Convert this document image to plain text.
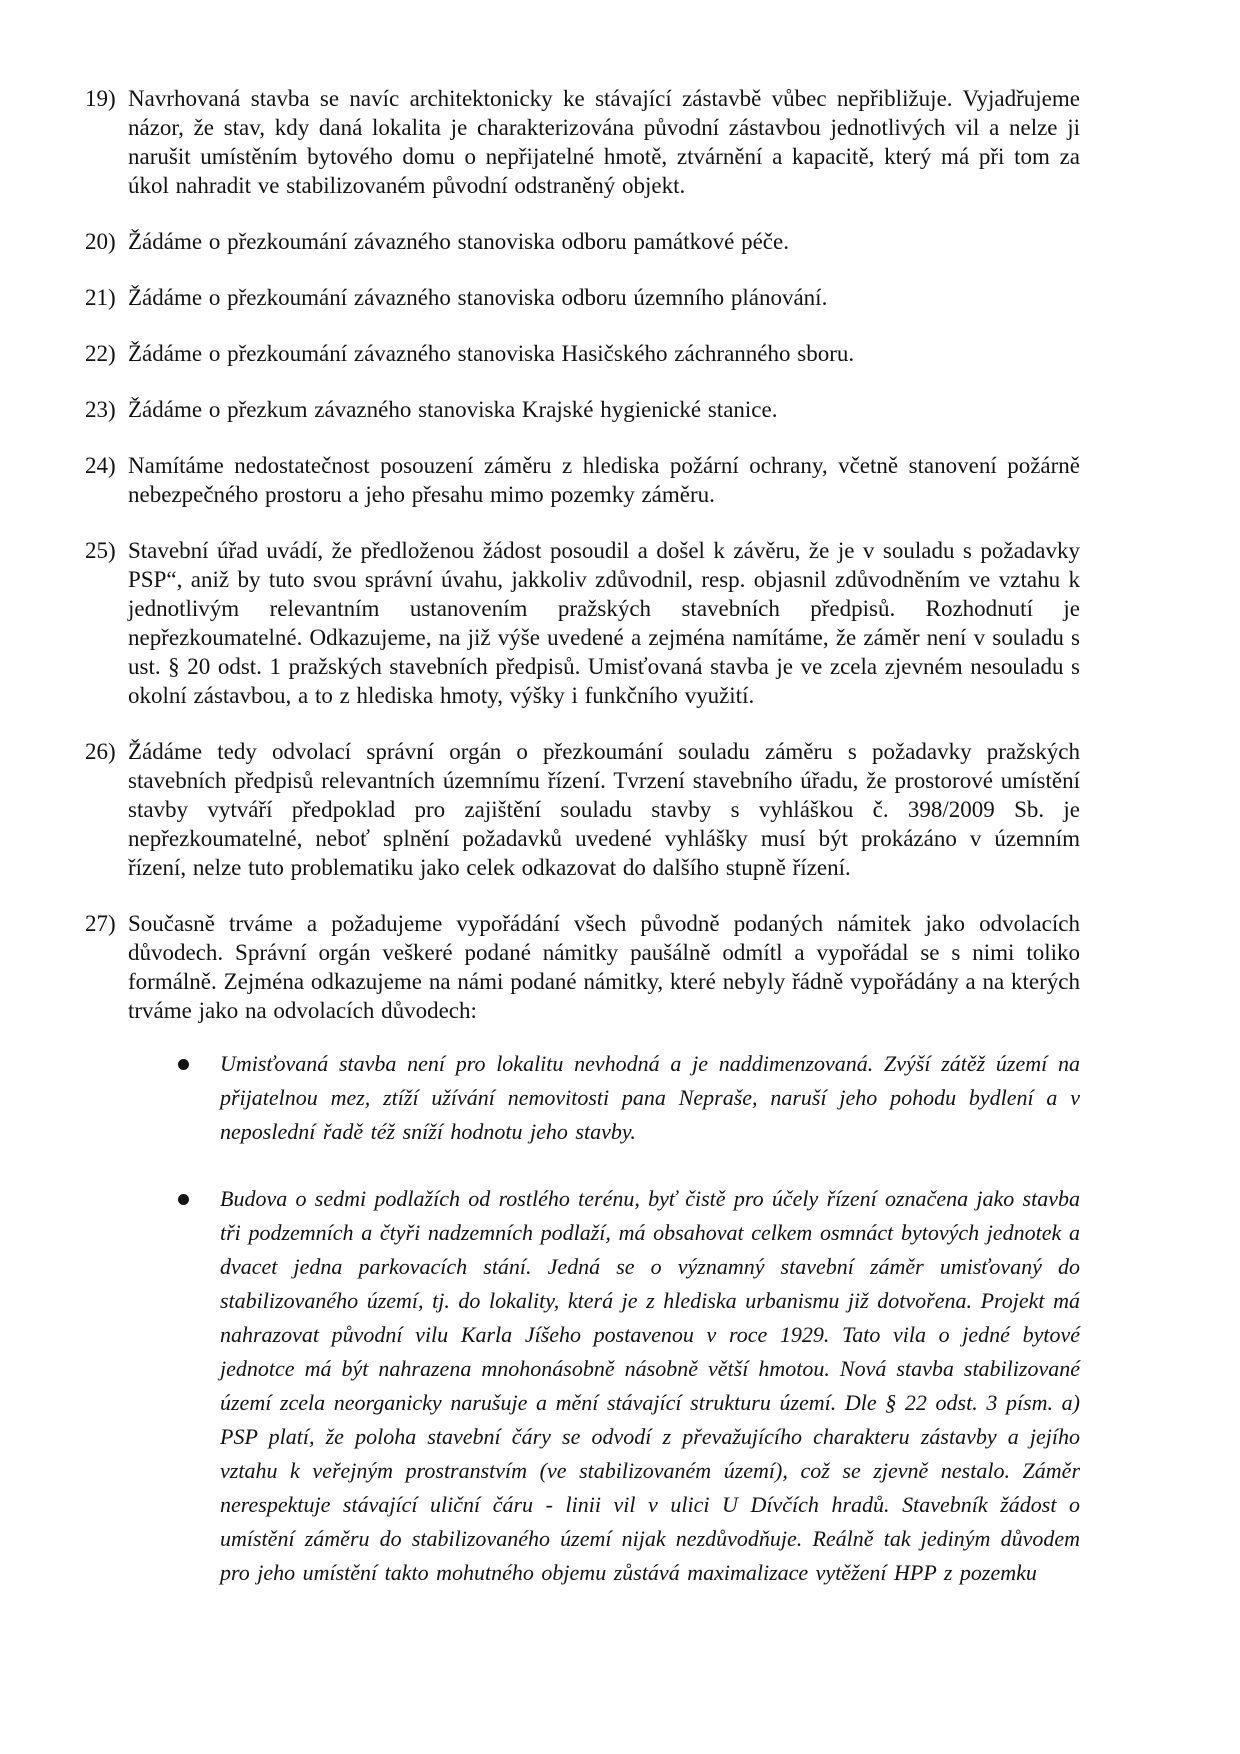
19) Navrhovaná stavba se navíc architektonicky ke stávající zástavbě vůbec nepřibližuje. Vyjadřujeme názor, že stav, kdy daná lokalita je charakterizována původní zástavbou jednotlivých vil a nelze ji narušit umístěním bytového domu o nepřijatelné hmotě, ztvárnění a kapacitě, který má při tom za úkol nahradit ve stabilizovaném původní odstraněný objekt.
20) Žádáme o přezkoumání závazného stanoviska odboru památkové péče.
21) Žádáme o přezkoumání závazného stanoviska odboru územního plánování.
22) Žádáme o přezkoumání závazného stanoviska Hasičského záchranného sboru.
23) Žádáme o přezkum závazného stanoviska Krajské hygienické stanice.
24) Namítáme nedostatečnost posouzení záměru z hlediska požární ochrany, včetně stanovení požárně nebezpečného prostoru a jeho přesahu mimo pozemky záměru.
25) Stavební úřad uvádí, že předloženou žádost posoudil a došel k závěru, že je v souladu s požadavky PSP“, aniž by tuto svou správní úvahu, jakkoliv zdůvodnil, resp. objasnil zdůvodněním ve vztahu k jednotlivým relevantním ustanovením pražských stavebních předpisů. Rozhodnutí je nepřezkoumatelné. Odkazujeme, na již výše uvedené a zejména namítáme, že záměr není v souladu s ust. § 20 odst. 1 pražských stavebních předpisů. Umisťovaná stavba je ve zcela zjevném nesouladu s okolní zástavbou, a to z hlediska hmoty, výšky i funkčního využití.
26) Žádáme tedy odvolací správní orgán o přezkoumání souladu záměru s požadavky pražských stavebních předpisů relevantních územnímu řízení. Tvrzení stavebního úřadu, že prostorové umístění stavby vytváří předpoklad pro zajištění souladu stavby s vyhláškou č. 398/2009 Sb. je nepřezkoumatelné, neboť splnění požadavků uvedené vyhlášky musí být prokázáno v územním řízení, nelze tuto problematiku jako celek odkazovat do dalšího stupně řízení.
27) Současně trváme a požadujeme vypořádání všech původně podaných námitek jako odvolacích důvodech. Správní orgán veškeré podané námitky paušálně odmítl a vypořádal se s nimi toliko formálně. Zejména odkazujeme na námi podané námitky, které nebyly řádně vypořádány a na kterých trváme jako na odvolacích důvodech:
Umisťovaná stavba není pro lokalitu nevhodná a je naddimenzovaná. Zvýší zátěž území na přijatelnou mez, ztíží užívání nemovitosti pana Nepraše, naruší jeho pohodu bydlení a v neposlední řadě též sníží hodnotu jeho stavby.
Budova o sedmi podlažích od rostlého terénu, byť čistě pro účely řízení označena jako stavba tři podzemních a čtyři nadzemních podlaží, má obsahovat celkem osmnáct bytových jednotek a dvacet jedna parkovacích stání. Jedná se o významný stavební záměr umisťovaný do stabilizovaného území, tj. do lokality, která je z hlediska urbanismu již dotvořena. Projekt má nahrazovat původní vilu Karla Jíšeho postavenou v roce 1929. Tato vila o jedné bytové jednotce má být nahrazena mnohonásobně násobně větší hmotou. Nová stavba stabilizované území zcela neorganicky narušuje a mění stávající strukturu území. Dle § 22 odst. 3 písm. a) PSP platí, že poloha stavební čáry se odvodí z převažujícího charakteru zástavby a jejího vztahu k veřejným prostranstvím (ve stabilizovaném území), což se zjevně nestalo. Záměr nerespektuje stávající uliční čáru - linii vil v ulici U Dívčích hradů. Stavebník žádost o umístění záměru do stabilizovaného území nijak nezdůvodňuje. Reálně tak jediným důvodem pro jeho umístění takto mohutného objemu zůstává maximalizace vytěžení HPP z pozemku
